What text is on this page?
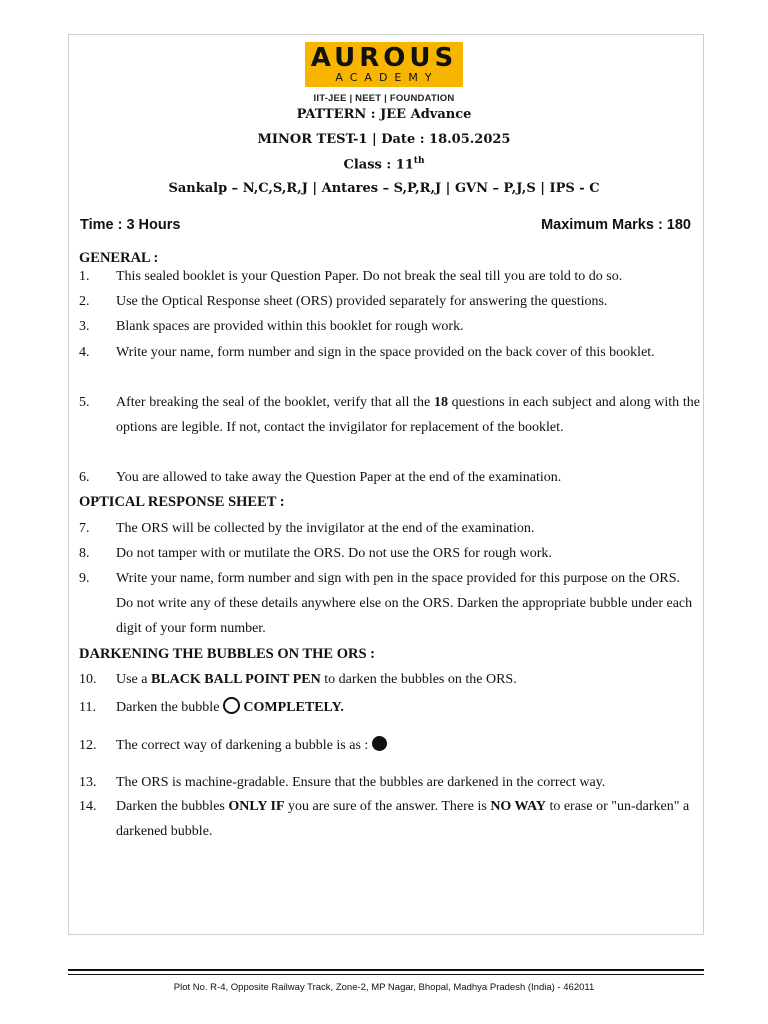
AUROUS
ACADEMY
IIT-JEE | NEET | FOUNDATION
PATTERN : JEE Advance
MINOR TEST-1 | Date : 18.05.2025
Class : 11th
Sankalp – N,C,S,R,J | Antares – S,P,R,J | GVN – P,J,S | IPS - C
Time : 3 Hours	Maximum Marks : 180
GENERAL :
1. This sealed booklet is your Question Paper. Do not break the seal till you are told to do so.
2. Use the Optical Response sheet (ORS) provided separately for answering the questions.
3. Blank spaces are provided within this booklet for rough work.
4. Write your name, form number and sign in the space provided on the back cover of this booklet.
5. After breaking the seal of the booklet, verify that all the 18 questions in each subject and along with the options are legible. If not, contact the invigilator for replacement of the booklet.
6. You are allowed to take away the Question Paper at the end of the examination.
OPTICAL RESPONSE SHEET :
7. The ORS will be collected by the invigilator at the end of the examination.
8. Do not tamper with or mutilate the ORS. Do not use the ORS for rough work.
9. Write your name, form number and sign with pen in the space provided for this purpose on the ORS. Do not write any of these details anywhere else on the ORS. Darken the appropriate bubble under each digit of your form number.
DARKENING THE BUBBLES ON THE ORS :
10. Use a BLACK BALL POINT PEN to darken the bubbles on the ORS.
11. Darken the bubble COMPLETELY.
12. The correct way of darkening a bubble is as :
13. The ORS is machine-gradable. Ensure that the bubbles are darkened in the correct way.
14. Darken the bubbles ONLY IF you are sure of the answer. There is NO WAY to erase or "un-darken" a darkened bubble.
Plot No. R-4, Opposite Railway Track, Zone-2, MP Nagar, Bhopal, Madhya Pradesh (India) - 462011
